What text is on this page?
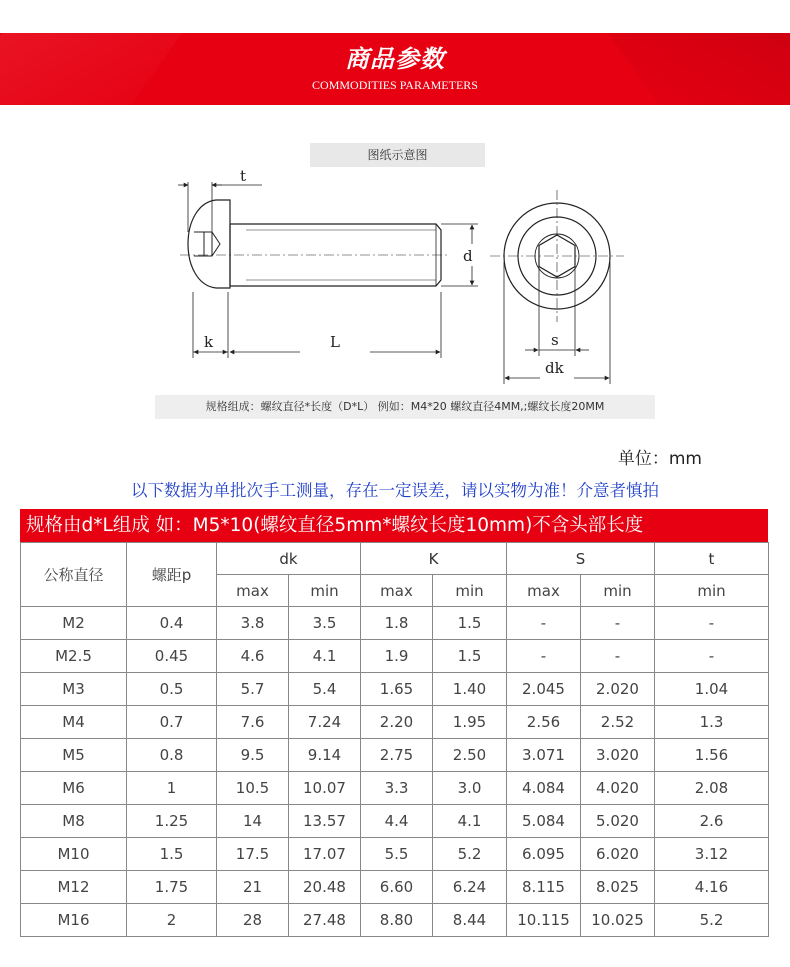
商品参数
COMMODITIES PARAMETERS
图纸示意图
t
d
k	L	s
dk
规格组成：螺纹直径*长度（D*L） 例如：M4*20 螺纹直径4MM,;螺纹长度20MM
单位：mm
以下数据为单批次手工测量，存在一定误差，请以实物为准！介意者慎拍
规格由d*L组成 如：M5*10(螺纹直径5mm*螺纹长度10mm)不含头部长度
公称直径	螺距p	dk		K		S		t
		max	min	max	min	max	min	min
M2	0.4	3.8	3.5	1.8	1.5	-	-	-
M2.5	0.45	4.6	4.1	1.9	1.5	-	-	-
M3	0.5	5.7	5.4	1.65	1.40	2.045	2.020	1.04
M4	0.7	7.6	7.24	2.20	1.95	2.56	2.52	1.3
M5	0.8	9.5	9.14	2.75	2.50	3.071	3.020	1.56
M6	1	10.5	10.07	3.3	3.0	4.084	4.020	2.08
M8	1.25	14	13.57	4.4	4.1	5.084	5.020	2.6
M10	1.5	17.5	17.07	5.5	5.2	6.095	6.020	3.12
M12	1.75	21	20.48	6.60	6.24	8.115	8.025	4.16
M16	2	28	27.48	8.80	8.44	10.115	10.025	5.2
